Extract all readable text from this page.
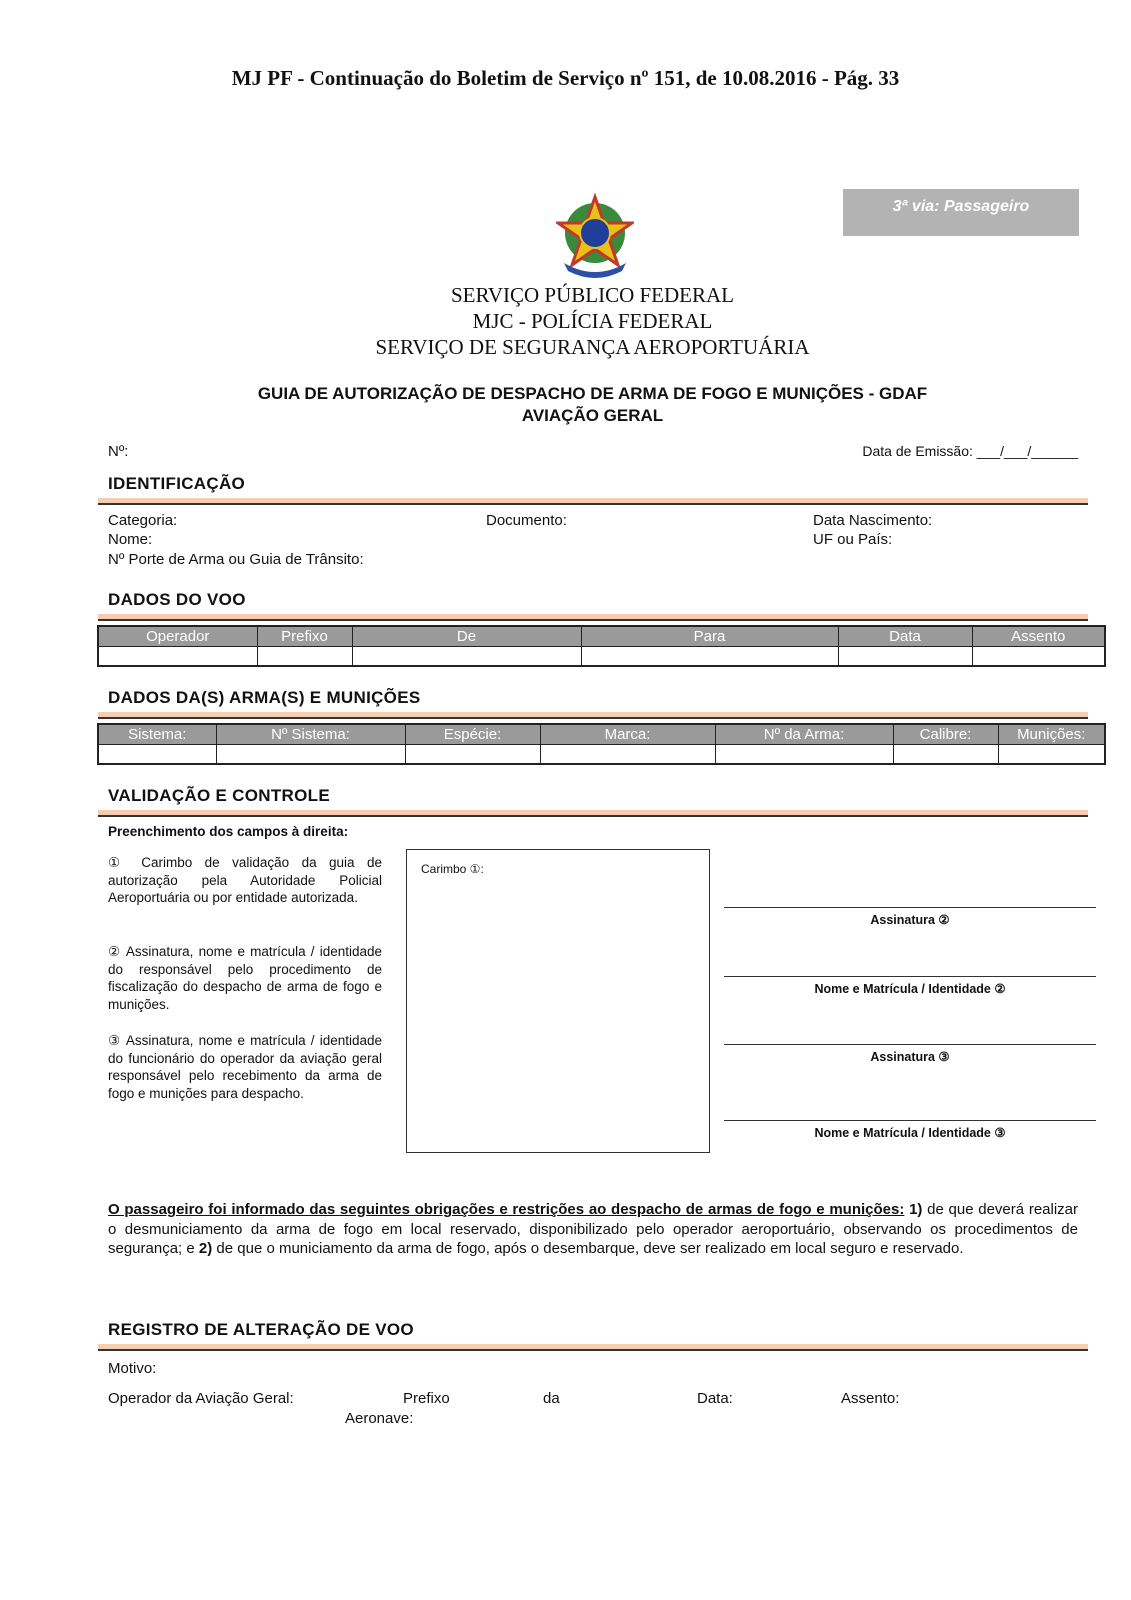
MJ PF - Continuação do Boletim de Serviço nº 151, de 10.08.2016 - Pág. 33
3ª via: Passageiro
SERVIÇO PÚBLICO FEDERAL
MJC - POLÍCIA FEDERAL
SERVIÇO DE SEGURANÇA AEROPORTUÁRIA
GUIA DE AUTORIZAÇÃO DE DESPACHO DE ARMA DE FOGO E MUNIÇÕES - GDAF
AVIAÇÃO GERAL
Nº:	Data de Emissão: ___/___/______
IDENTIFICAÇÃO
Categoria:	Documento:	Data Nascimento:
Nome:	UF ou País:
Nº Porte de Arma ou Guia de Trânsito:
DADOS DO VOO
Operador	Prefixo	De	Para	Data	Assento

DADOS DA(S) ARMA(S) E MUNIÇÕES
Sistema:	Nº Sistema:	Espécie:	Marca:	Nº da Arma:	Calibre:	Munições:

VALIDAÇÃO E CONTROLE
Preenchimento dos campos à direita:
① Carimbo de validação da guia de autorização pela Autoridade Policial Aeroportuária ou por entidade autorizada.
② Assinatura, nome e matrícula / identidade do responsável pelo procedimento de fiscalização do despacho de arma de fogo e munições.
③ Assinatura, nome e matrícula / identidade do funcionário do operador da aviação geral responsável pelo recebimento da arma de fogo e munições para despacho.
Carimbo ①:
Assinatura ②
Nome e Matrícula / Identidade ②
Assinatura ③
Nome e Matrícula / Identidade ③
O passageiro foi informado das seguintes obrigações e restrições ao despacho de armas de fogo e munições: 1) de que deverá realizar o desmuniciamento da arma de fogo em local reservado, disponibilizado pelo operador aeroportuário, observando os procedimentos de segurança; e 2) de que o municiamento da arma de fogo, após o desembarque, deve ser realizado em local seguro e reservado.
REGISTRO DE ALTERAÇÃO DE VOO
Motivo:
Operador da Aviação Geral:	Prefixo	da
Aeronave:
Data:	Assento:
